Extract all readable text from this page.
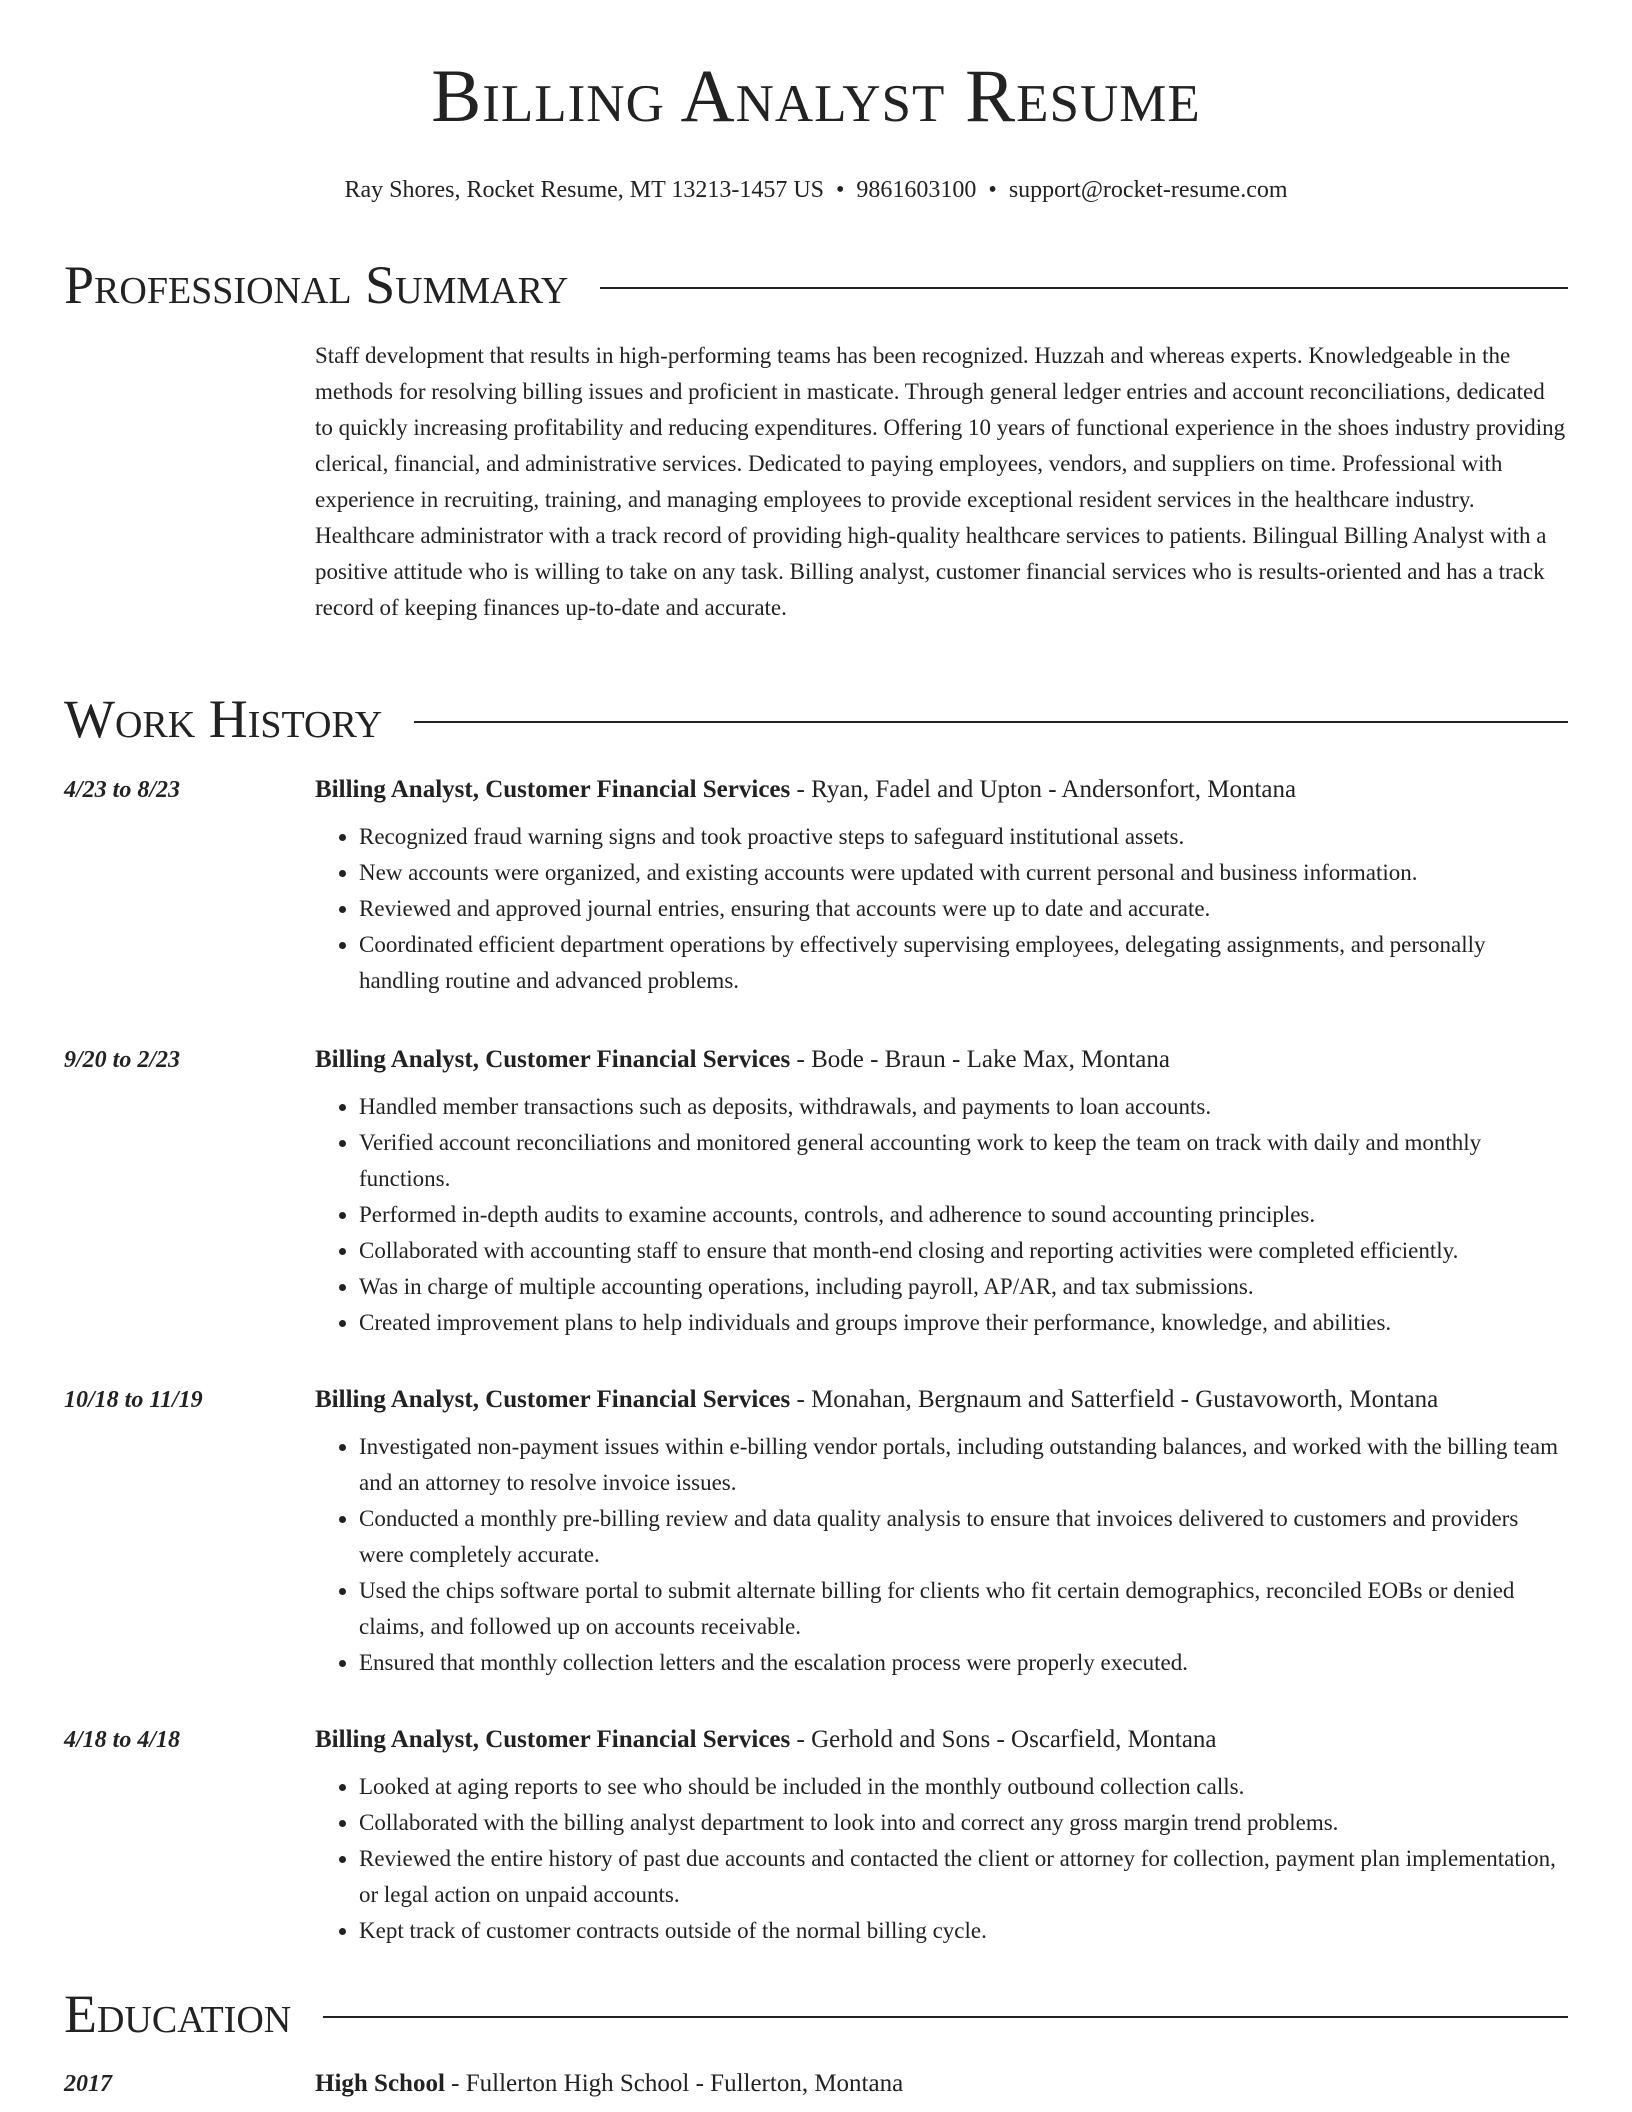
Billing Analyst Resume
Ray Shores, Rocket Resume, MT 13213-1457 US • 9861603100 • support@rocket-resume.com
Professional Summary

Staff development that results in high-performing teams has been recognized. Huzzah and whereas experts. Knowledgeable in the methods for resolving billing issues and proficient in masticate. Through general ledger entries and account reconciliations, dedicated to quickly increasing profitability and reducing expenditures. Offering 10 years of functional experience in the shoes industry providing clerical, financial, and administrative services. Dedicated to paying employees, vendors, and suppliers on time. Professional with experience in recruiting, training, and managing employees to provide exceptional resident services in the healthcare industry. Healthcare administrator with a track record of providing high-quality healthcare services to patients. Bilingual Billing Analyst with a positive attitude who is willing to take on any task. Billing analyst, customer financial services who is results-oriented and has a track record of keeping finances up-to-date and accurate.

Work History
4/23 to 8/23	Billing Analyst, Customer Financial Services - Ryan, Fadel and Upton - Andersonfort, Montana
• Recognized fraud warning signs and took proactive steps to safeguard institutional assets.
• New accounts were organized, and existing accounts were updated with current personal and business information.
• Reviewed and approved journal entries, ensuring that accounts were up to date and accurate.
• Coordinated efficient department operations by effectively supervising employees, delegating assignments, and personally handling routine and advanced problems.
9/20 to 2/23	Billing Analyst, Customer Financial Services - Bode - Braun - Lake Max, Montana
• Handled member transactions such as deposits, withdrawals, and payments to loan accounts.
• Verified account reconciliations and monitored general accounting work to keep the team on track with daily and monthly functions.
• Performed in-depth audits to examine accounts, controls, and adherence to sound accounting principles.
• Collaborated with accounting staff to ensure that month-end closing and reporting activities were completed efficiently.
• Was in charge of multiple accounting operations, including payroll, AP/AR, and tax submissions.
• Created improvement plans to help individuals and groups improve their performance, knowledge, and abilities.
10/18 to 11/19	Billing Analyst, Customer Financial Services - Monahan, Bergnaum and Satterfield - Gustavoworth, Montana
• Investigated non-payment issues within e-billing vendor portals, including outstanding balances, and worked with the billing team and an attorney to resolve invoice issues.
• Conducted a monthly pre-billing review and data quality analysis to ensure that invoices delivered to customers and providers were completely accurate.
• Used the chips software portal to submit alternate billing for clients who fit certain demographics, reconciled EOBs or denied claims, and followed up on accounts receivable.
• Ensured that monthly collection letters and the escalation process were properly executed.
4/18 to 4/18	Billing Analyst, Customer Financial Services - Gerhold and Sons - Oscarfield, Montana
• Looked at aging reports to see who should be included in the monthly outbound collection calls.
• Collaborated with the billing analyst department to look into and correct any gross margin trend problems.
• Reviewed the entire history of past due accounts and contacted the client or attorney for collection, payment plan implementation, or legal action on unpaid accounts.
• Kept track of customer contracts outside of the normal billing cycle.
Education
2017	High School - Fullerton High School - Fullerton, Montana
